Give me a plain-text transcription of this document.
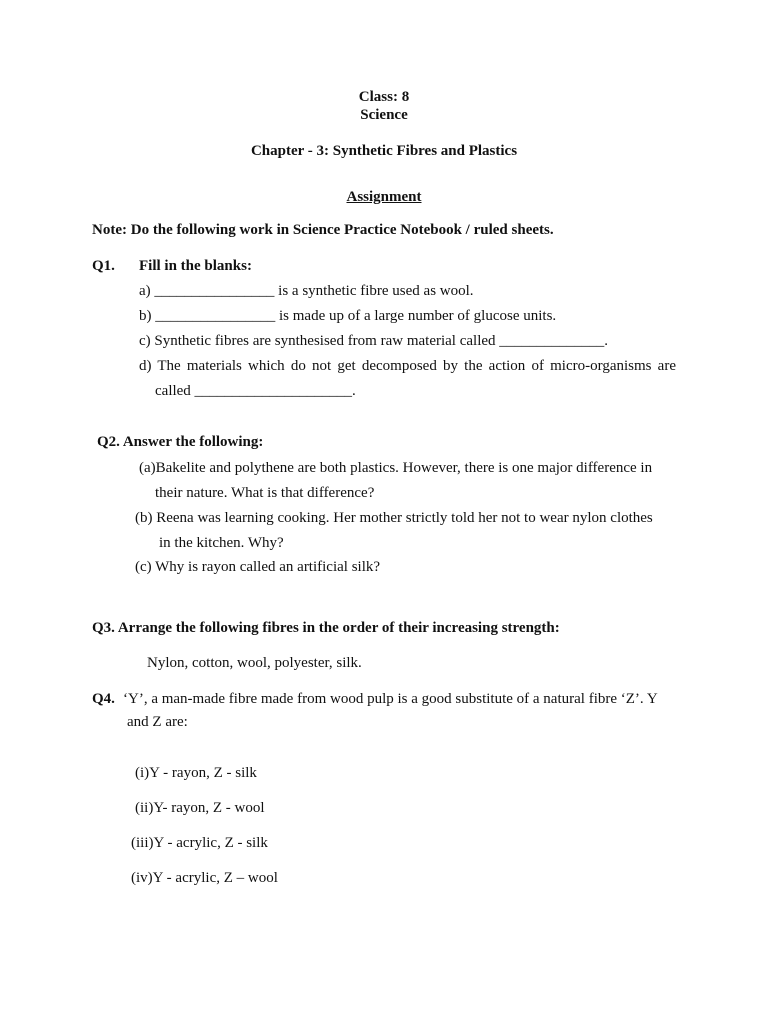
Class: 8
Science
Chapter - 3: Synthetic Fibres and Plastics
Assignment
Note: Do the following work in Science Practice Notebook / ruled sheets.
Q1. Fill in the blanks:
a) ________________ is a synthetic fibre used as wool.
b) ________________ is made up of a large number of glucose units.
c) Synthetic fibres are synthesised from raw material called ______________.
d) The materials which do not get decomposed by the action of micro-organisms are
called _____________________.
Q2. Answer the following:
(a)Bakelite and polythene are both plastics. However, there is one major difference in
their nature. What is that difference?
(b) Reena was learning cooking. Her mother strictly told her not to wear nylon clothes
in the kitchen. Why?
(c) Why is rayon called an artificial silk?
Q3. Arrange the following fibres in the order of their increasing strength:
Nylon, cotton, wool, polyester, silk.
Q4. ‘Y’, a man-made fibre made from wood pulp is a good substitute of a natural fibre ‘Z’. Y
and Z are:
(i)Y - rayon, Z - silk
(ii)Y- rayon, Z - wool
(iii)Y - acrylic, Z - silk
(iv)Y - acrylic, Z – wool
